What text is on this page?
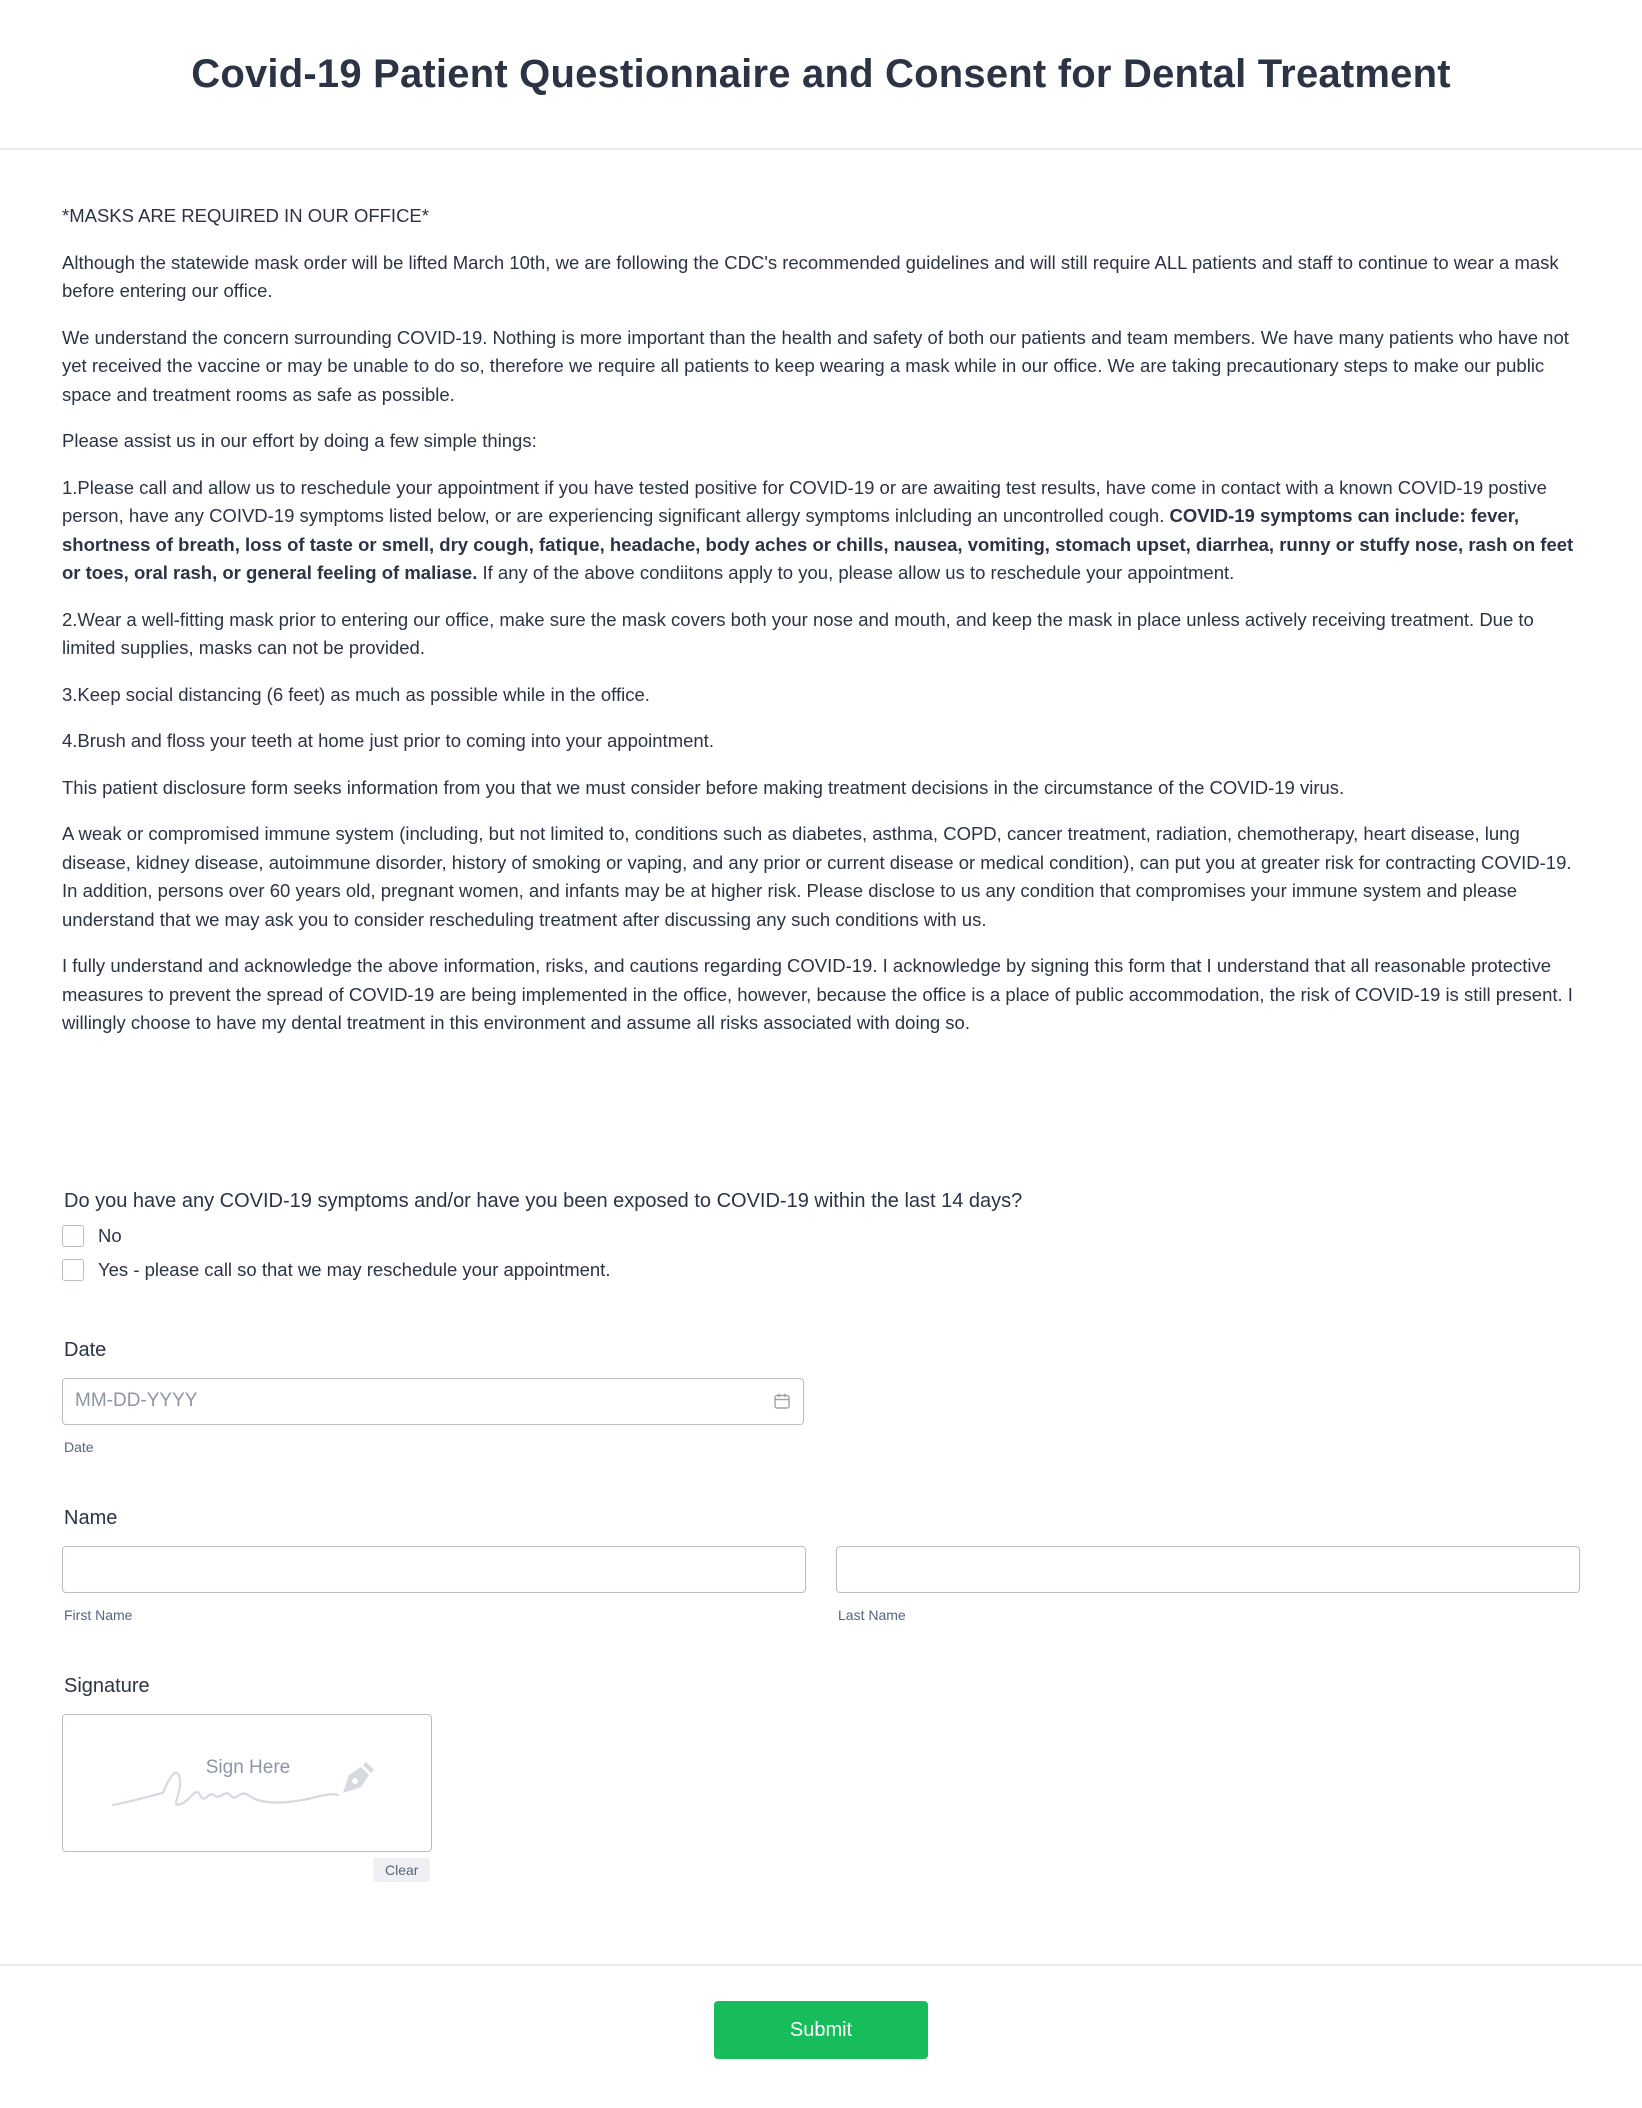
Covid-19 Patient Questionnaire and Consent for Dental Treatment

*MASKS ARE REQUIRED IN OUR OFFICE*

Although the statewide mask order will be lifted March 10th, we are following the CDC's recommended guidelines and will still require ALL patients and staff to continue to wear a mask before entering our office.

We understand the concern surrounding COVID-19. Nothing is more important than the health and safety of both our patients and team members. We have many patients who have not yet received the vaccine or may be unable to do so, therefore we require all patients to keep wearing a mask while in our office. We are taking precautionary steps to make our public space and treatment rooms as safe as possible.

Please assist us in our effort by doing a few simple things:

1.Please call and allow us to reschedule your appointment if you have tested positive for COVID-19 or are awaiting test results, have come in contact with a known COVID-19 postive person, have any COIVD-19 symptoms listed below, or are experiencing significant allergy symptoms inlcluding an uncontrolled cough. COVID-19 symptoms can include: fever, shortness of breath, loss of taste or smell, dry cough, fatique, headache, body aches or chills, nausea, vomiting, stomach upset, diarrhea, runny or stuffy nose, rash on feet or toes, oral rash, or general feeling of maliase. If any of the above condiitons apply to you, please allow us to reschedule your appointment.

2.Wear a well-fitting mask prior to entering our office, make sure the mask covers both your nose and mouth, and keep the mask in place unless actively receiving treatment. Due to limited supplies, masks can not be provided.

3.Keep social distancing (6 feet) as much as possible while in the office.

4.Brush and floss your teeth at home just prior to coming into your appointment.

This patient disclosure form seeks information from you that we must consider before making treatment decisions in the circumstance of the COVID-19 virus.

A weak or compromised immune system (including, but not limited to, conditions such as diabetes, asthma, COPD, cancer treatment, radiation, chemotherapy, heart disease, lung disease, kidney disease, autoimmune disorder, history of smoking or vaping, and any prior or current disease or medical condition), can put you at greater risk for contracting COVID-19. In addition, persons over 60 years old, pregnant women, and infants may be at higher risk. Please disclose to us any condition that compromises your immune system and please understand that we may ask you to consider rescheduling treatment after discussing any such conditions with us.

I fully understand and acknowledge the above information, risks, and cautions regarding COVID-19. I acknowledge by signing this form that I understand that all reasonable protective measures to prevent the spread of COVID-19 are being implemented in the office, however, because the office is a place of public accommodation, the risk of COVID-19 is still present. I willingly choose to have my dental treatment in this environment and assume all risks associated with doing so.

Do you have any COVID-19 symptoms and/or have you been exposed to COVID-19 within the last 14 days?
No
Yes - please call so that we may reschedule your appointment.
Date
MM-DD-YYYY
Date
Name
First Name	Last Name
Signature
Sign Here
Clear
Submit
